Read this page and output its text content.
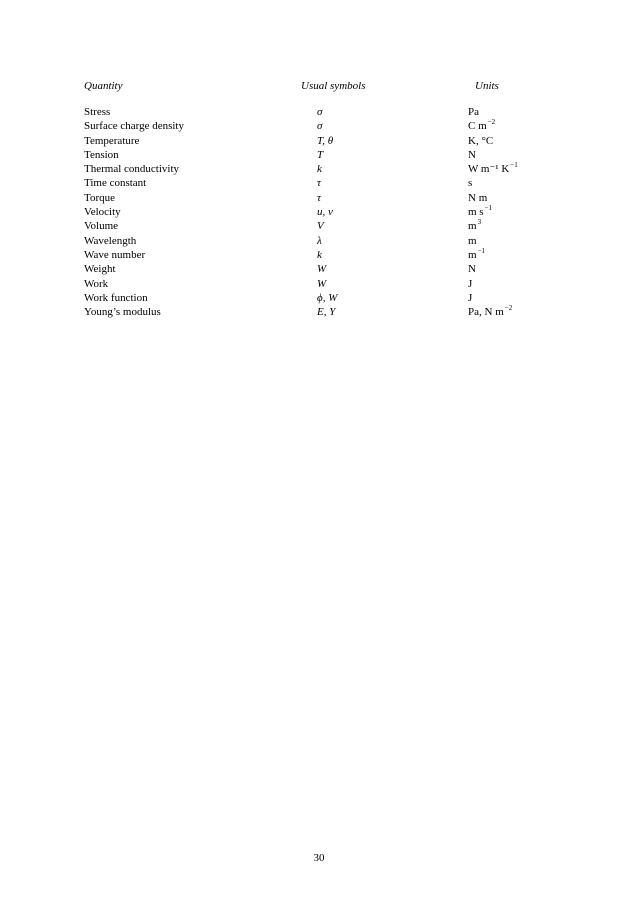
Quantity	Usual symbols	Units
Stress	σ	Pa
Surface charge density	σ	C $m^{-2}$
Temperature	T, θ	K, °C
Tension	T	N
Thermal conductivity	k	W m⁻¹ $K^{-1}$
Time constant	τ	s
Torque	τ	N m
Velocity	u, v	m $s^{-1}$
Volume	V	$m^3$
Wavelength	λ	m
Wave number	k	$m^{-1}$
Weight	W	N
Work	W	J
Work function	ϕ, W	J
Young’s modulus	E, Y	Pa, N $m^{-2}$
30
